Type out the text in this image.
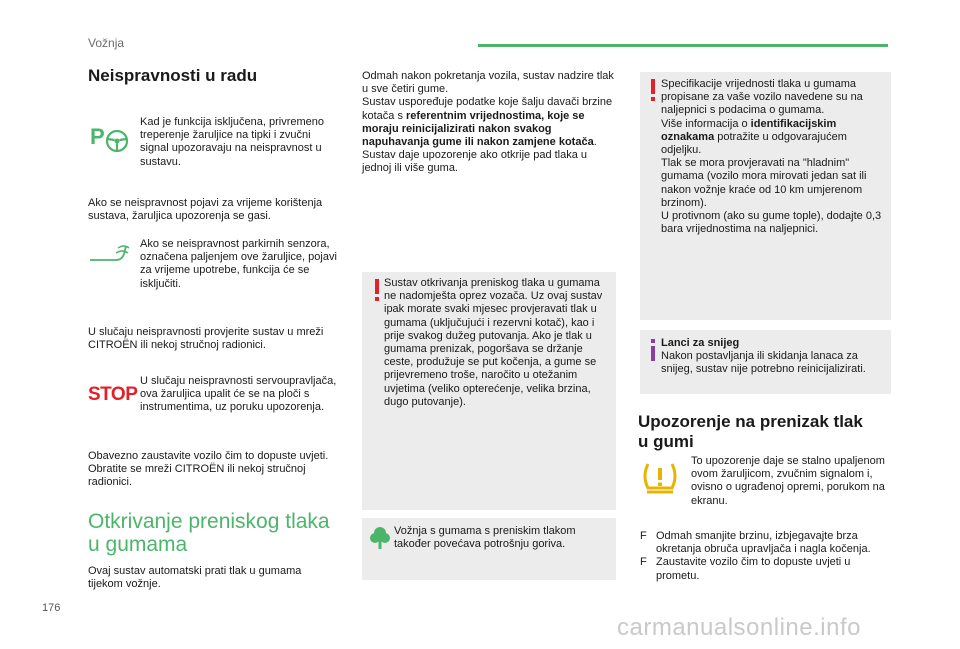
Vožnja
Neispravnosti u radu
P
Kad je funkcija isključena, privremeno treperenje žaruljice na tipki i zvučni signal upozoravaju na neispravnost u sustavu.
Ako se neispravnost pojavi za vrijeme korištenja sustava, žaruljica upozorenja se gasi.
Ako se neispravnost parkirnih senzora, označena paljenjem ove žaruljice, pojavi za vrijeme upotrebe, funkcija će se isključiti.
U slučaju neispravnosti provjerite sustav u mreži CITROËN ili nekoj stručnoj radionici.
STOP
U slučaju neispravnosti servoupravljača, ova žaruljica upalit će se na ploči s instrumentima, uz poruku upozorenja.
Obavezno zaustavite vozilo čim to dopuste uvjeti. Obratite se mreži CITROËN ili nekoj stručnoj radionici.
Otkrivanje preniskog tlaka
u gumama
Ovaj sustav automatski prati tlak u gumama tijekom vožnje.
Odmah nakon pokretanja vozila, sustav nadzire tlak u sve četiri gume.
Sustav uspoređuje podatke koje šalju davači brzine kotača s referentnim vrijednostima, koje se moraju reinicijalizirati nakon svakog napuhavanja gume ili nakon zamjene kotača.
Sustav daje upozorenje ako otkrije pad tlaka u jednoj ili više guma.
Sustav otkrivanja preniskog tlaka u gumama ne nadomješta oprez vozača. Uz ovaj sustav ipak morate svaki mjesec provjeravati tlak u gumama (uključujući i rezervni kotač), kao i prije svakog dužeg putovanja. Ako je tlak u gumama prenizak, pogoršava se držanje ceste, produžuje se put kočenja, a gume se prijevremeno troše, naročito u otežanim uvjetima (veliko opterećenje, velika brzina, dugo putovanje).
Vožnja s gumama s preniskim tlakom također povećava potrošnju goriva.
Specifikacije vrijednosti tlaka u gumama propisane za vaše vozilo navedene su na naljepnici s podacima o gumama.
Više informacija o identifikacijskim oznakama potražite u odgovarajućem odjeljku.
Tlak se mora provjeravati na "hladnim" gumama (vozilo mora mirovati jedan sat ili nakon vožnje kraće od 10 km umjerenom brzinom).
U protivnom (ako su gume tople), dodajte 0,3 bara vrijednostima na naljepnici.
Lanci za snijeg
Nakon postavljanja ili skidanja lanaca za snijeg, sustav nije potrebno reinicijalizirati.
Upozorenje na prenizak tlak
u gumi
To upozorenje daje se stalno upaljenom ovom žaruljicom, zvučnim signalom i, ovisno o ugrađenoj opremi, porukom na ekranu.
F Odmah smanjite brzinu, izbjegavajte brza okretanja obruča upravljača i nagla kočenja.
F Zaustavite vozilo čim to dopuste uvjeti u prometu.
176
carmanualsonline.info
